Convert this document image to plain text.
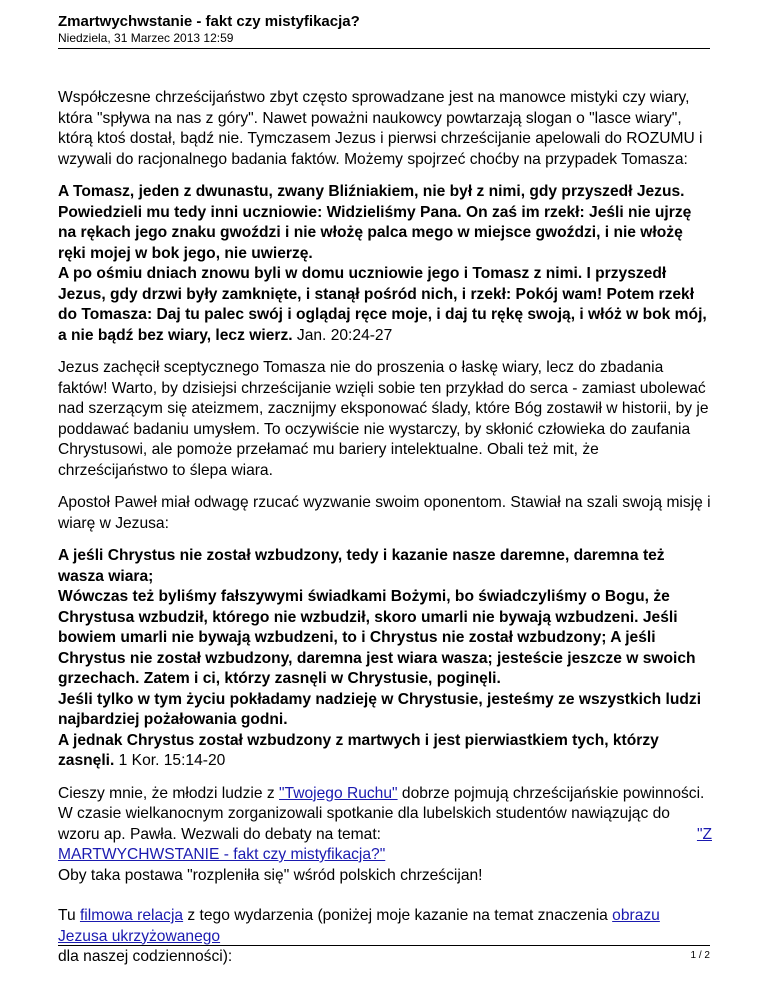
Zmartwychwstanie - fakt czy mistyfikacja?
Niedziela, 31 Marzec 2013 12:59

Współczesne chrześcijaństwo zbyt często sprowadzane jest na manowce mistyki czy wiary, która "spływa na nas z góry". Nawet poważni naukowcy powtarzają slogan o "lasce wiary", którą ktoś dostał, bądź nie. Tymczasem Jezus i pierwsi chrześcijanie apelowali do ROZUMU i wzywali do racjonalnego badania faktów. Możemy spojrzeć choćby na przypadek Tomasza:

A Tomasz, jeden z dwunastu, zwany Bliźniakiem, nie był z nimi, gdy przyszedł Jezus. Powiedzieli mu tedy inni uczniowie: Widzieliśmy Pana. On zaś im rzekł: Jeśli nie ujrzę na rękach jego znaku gwoździ i nie włożę palca mego w miejsce gwoździ, i nie włożę ręki mojej w bok jego, nie uwierzę.
A po ośmiu dniach znowu byli w domu uczniowie jego i Tomasz z nimi. I przyszedł Jezus, gdy drzwi były zamknięte, i stanął pośród nich, i rzekł: Pokój wam! Potem rzekł do Tomasza: Daj tu palec swój i oglądaj ręce moje, i daj tu rękę swoją, i włóż w bok mój, a nie bądź bez wiary, lecz wierz. Jan. 20:24-27

Jezus zachęcił sceptycznego Tomasza nie do proszenia o łaskę wiary, lecz do zbadania faktów! Warto, by dzisiejsi chrześcijanie wzięli sobie ten przykład do serca - zamiast ubolewać nad szerzącym się ateizmem, zacznijmy eksponować ślady, które Bóg zostawił w historii, by je poddawać badaniu umysłem. To oczywiście nie wystarczy, by skłonić człowieka do zaufania Chrystusowi, ale pomoże przełamać mu bariery intelektualne. Obali też mit, że chrześcijaństwo to ślepa wiara.

Apostoł Paweł miał odwagę rzucać wyzwanie swoim oponentom. Stawiał na szali swoją misję i wiarę w Jezusa:

A jeśli Chrystus nie został wzbudzony, tedy i kazanie nasze daremne, daremna też wasza wiara;
Wówczas też byliśmy fałszywymi świadkami Bożymi, bo świadczyliśmy o Bogu, że Chrystusa wzbudził, którego nie wzbudził, skoro umarli nie bywają wzbudzeni. Jeśli bowiem umarli nie bywają wzbudzeni, to i Chrystus nie został wzbudzony; A jeśli Chrystus nie został wzbudzony, daremna jest wiara wasza; jesteście jeszcze w swoich grzechach. Zatem i ci, którzy zasnęli w Chrystusie, poginęli.
Jeśli tylko w tym życiu pokładamy nadzieję w Chrystusie, jesteśmy ze wszystkich ludzi najbardziej pożałowania godni.
A jednak Chrystus został wzbudzony z martwych i jest pierwiastkiem tych, którzy zasnęli. 1 Kor. 15:14-20

Cieszy mnie, że młodzi ludzie z "Twojego Ruchu" dobrze pojmują chrześcijańskie powinności. W czasie wielkanocnym zorganizowali spotkanie dla lubelskich studentów nawiązując do wzoru ap. Pawła. Wezwali do debaty na temat:	"Z

MARTWYCHWSTANIE - fakt czy mistyfikacja?"
Oby taka postawa "rozpleniła się" wśród polskich chrześcijan!

Tu filmowa relacja z tego wydarzenia (poniżej moje kazanie na temat znaczenia obrazu
Jezusa ukrzyżowanego
dla naszej codzienności):	1 / 2
